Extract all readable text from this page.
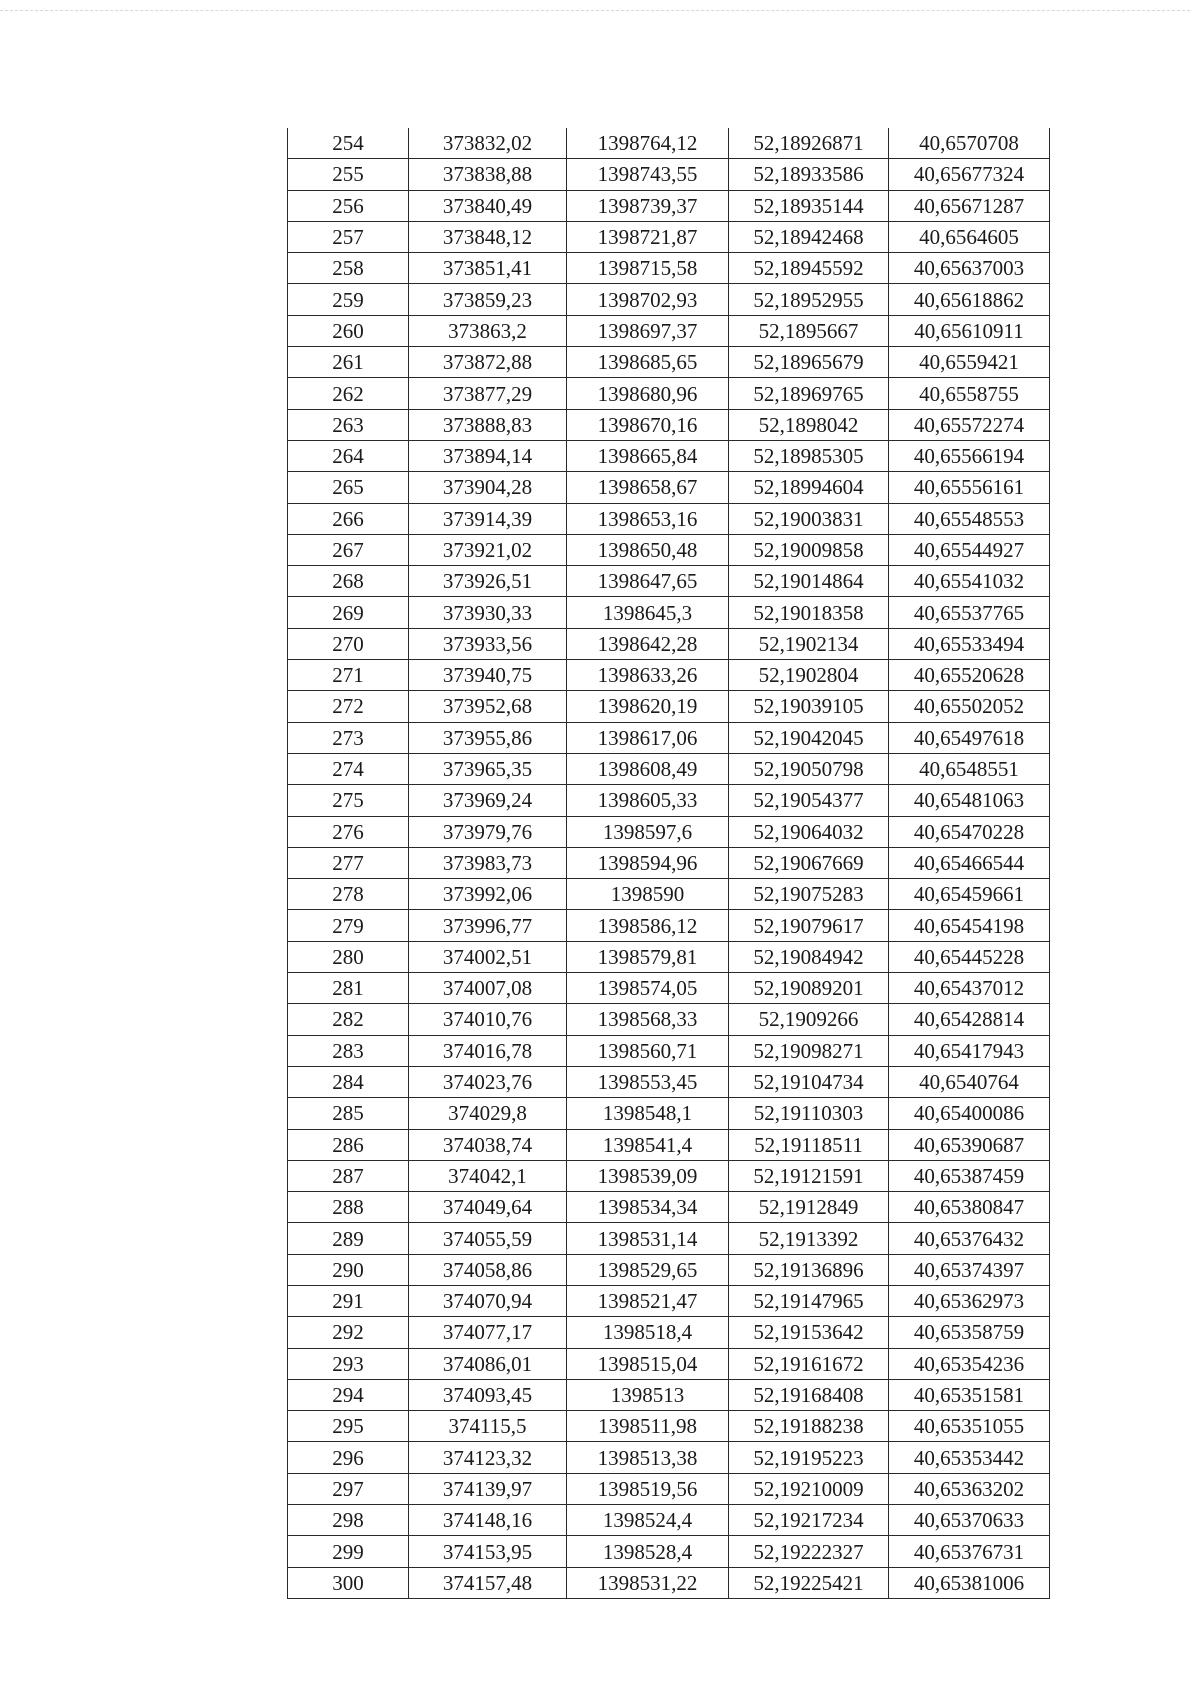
254	373832,02	1398764,12	52,18926871	40,6570708
255	373838,88	1398743,55	52,18933586	40,65677324
256	373840,49	1398739,37	52,18935144	40,65671287
257	373848,12	1398721,87	52,18942468	40,6564605
258	373851,41	1398715,58	52,18945592	40,65637003
259	373859,23	1398702,93	52,18952955	40,65618862
260	373863,2	1398697,37	52,1895667	40,65610911
261	373872,88	1398685,65	52,18965679	40,6559421
262	373877,29	1398680,96	52,18969765	40,6558755
263	373888,83	1398670,16	52,1898042	40,65572274
264	373894,14	1398665,84	52,18985305	40,65566194
265	373904,28	1398658,67	52,18994604	40,65556161
266	373914,39	1398653,16	52,19003831	40,65548553
267	373921,02	1398650,48	52,19009858	40,65544927
268	373926,51	1398647,65	52,19014864	40,65541032
269	373930,33	1398645,3	52,19018358	40,65537765
270	373933,56	1398642,28	52,1902134	40,65533494
271	373940,75	1398633,26	52,1902804	40,65520628
272	373952,68	1398620,19	52,19039105	40,65502052
273	373955,86	1398617,06	52,19042045	40,65497618
274	373965,35	1398608,49	52,19050798	40,6548551
275	373969,24	1398605,33	52,19054377	40,65481063
276	373979,76	1398597,6	52,19064032	40,65470228
277	373983,73	1398594,96	52,19067669	40,65466544
278	373992,06	1398590	52,19075283	40,65459661
279	373996,77	1398586,12	52,19079617	40,65454198
280	374002,51	1398579,81	52,19084942	40,65445228
281	374007,08	1398574,05	52,19089201	40,65437012
282	374010,76	1398568,33	52,1909266	40,65428814
283	374016,78	1398560,71	52,19098271	40,65417943
284	374023,76	1398553,45	52,19104734	40,6540764
285	374029,8	1398548,1	52,19110303	40,65400086
286	374038,74	1398541,4	52,19118511	40,65390687
287	374042,1	1398539,09	52,19121591	40,65387459
288	374049,64	1398534,34	52,1912849	40,65380847
289	374055,59	1398531,14	52,1913392	40,65376432
290	374058,86	1398529,65	52,19136896	40,65374397
291	374070,94	1398521,47	52,19147965	40,65362973
292	374077,17	1398518,4	52,19153642	40,65358759
293	374086,01	1398515,04	52,19161672	40,65354236
294	374093,45	1398513	52,19168408	40,65351581
295	374115,5	1398511,98	52,19188238	40,65351055
296	374123,32	1398513,38	52,19195223	40,65353442
297	374139,97	1398519,56	52,19210009	40,65363202
298	374148,16	1398524,4	52,19217234	40,65370633
299	374153,95	1398528,4	52,19222327	40,65376731
300	374157,48	1398531,22	52,19225421	40,65381006
